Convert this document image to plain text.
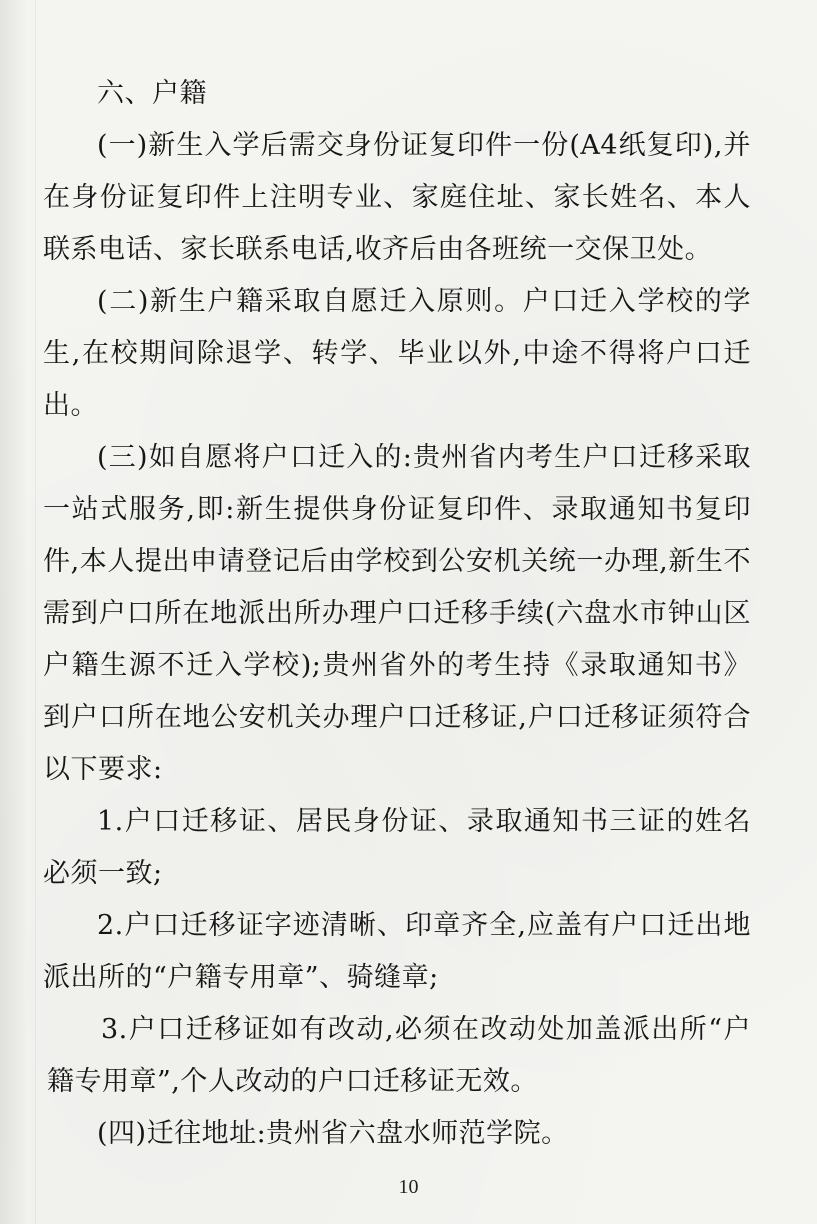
六、户籍

(一)新生入学后需交身份证复印件一份(A4纸复印),并在身份证复印件上注明专业、家庭住址、家长姓名、本人联系电话、家长联系电话,收齐后由各班统一交保卫处。

(二)新生户籍采取自愿迁入原则。户口迁入学校的学生,在校期间除退学、转学、毕业以外,中途不得将户口迁出。

(三)如自愿将户口迁入的:贵州省内考生户口迁移采取一站式服务,即:新生提供身份证复印件、录取通知书复印件,本人提出申请登记后由学校到公安机关统一办理,新生不需到户口所在地派出所办理户口迁移手续(六盘水市钟山区户籍生源不迁入学校);贵州省外的考生持《录取通知书》到户口所在地公安机关办理户口迁移证,户口迁移证须符合以下要求:

1.户口迁移证、居民身份证、录取通知书三证的姓名必须一致;

2.户口迁移证字迹清晰、印章齐全,应盖有户口迁出地派出所的“户籍专用章”、骑缝章;

3.户口迁移证如有改动,必须在改动处加盖派出所“户籍专用章”,个人改动的户口迁移证无效。

(四)迁往地址:贵州省六盘水师范学院。

10
